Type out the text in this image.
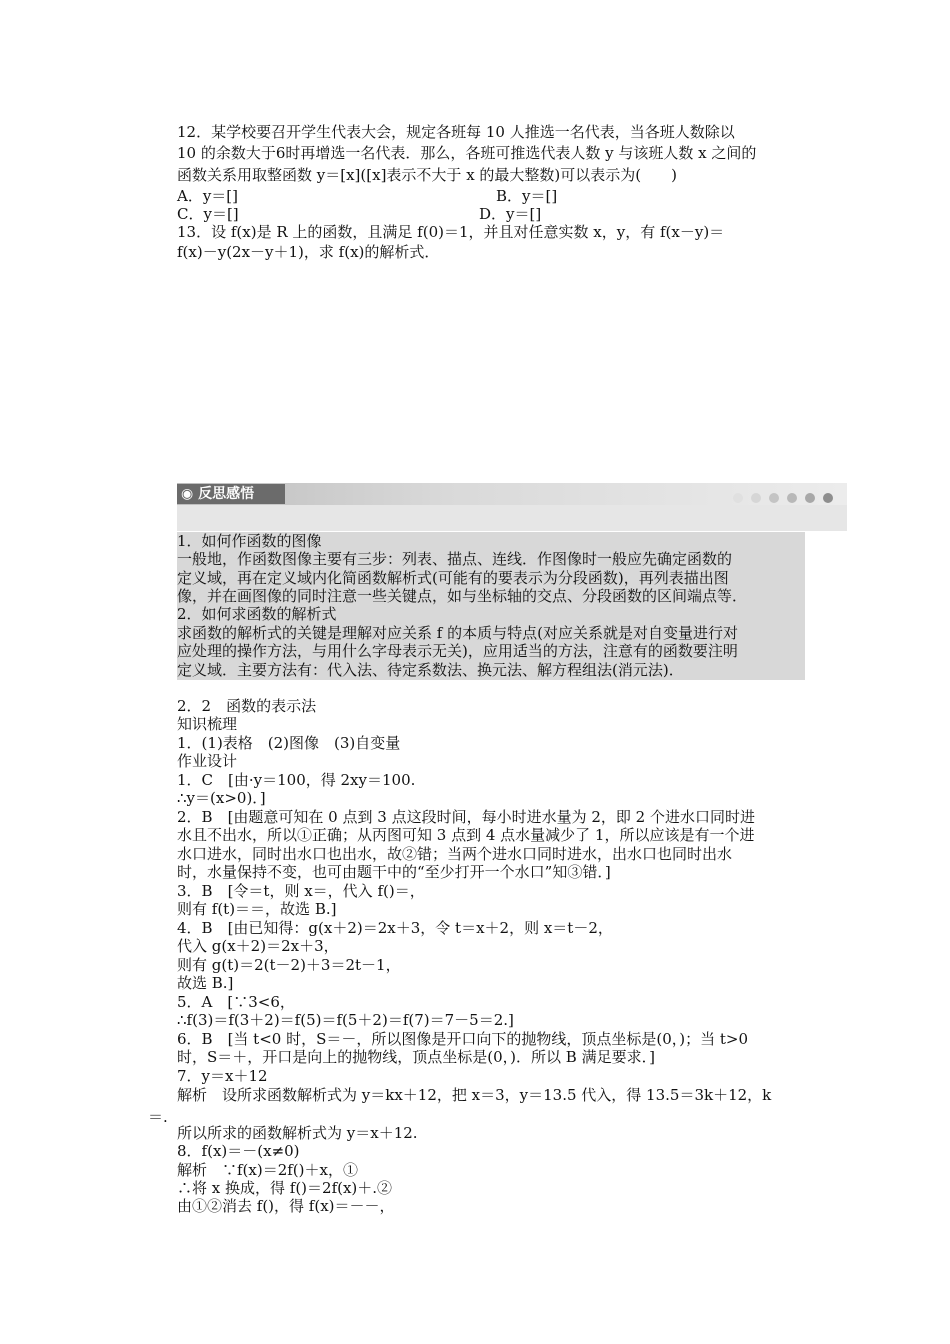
12．某学校要召开学生代表大会，规定各班每 10 人推选一名代表，当各班人数除以
10 的余数大于6时再增选一名代表．那么，各班可推选代表人数 y 与该班人数 x 之间的
函数关系用取整函数 y＝[x]([x]表示不大于 x 的最大整数)可以表示为(　　)
A．y＝[]	B．y＝[]
C．y＝[]	D．y＝[]
13．设 f(x)是 R 上的函数，且满足 f(0)＝1，并且对任意实数 x，y，有 f(x－y)＝
f(x)－y(2x－y＋1)，求 f(x)的解析式．
◉ 反思感悟
1．如何作函数的图像
一般地，作函数图像主要有三步：列表、描点、连线．作图像时一般应先确定函数的
定义域，再在定义域内化简函数解析式(可能有的要表示为分段函数)，再列表描出图
像，并在画图像的同时注意一些关键点，如与坐标轴的交点、分段函数的区间端点等．
2．如何求函数的解析式
求函数的解析式的关键是理解对应关系 f 的本质与特点(对应关系就是对自变量进行对
应处理的操作方法，与用什么字母表示无关)，应用适当的方法，注意有的函数要注明
定义域．主要方法有：代入法、待定系数法、换元法、解方程组法(消元法)．
2．2　函数的表示法
知识梳理
1．(1)表格　(2)图像　(3)自变量
作业设计
1．C　[由·y＝100，得 2xy＝100.
∴y＝(x>0)．]
2．B　[由题意可知在 0 点到 3 点这段时间，每小时进水量为 2，即 2 个进水口同时进
水且不出水，所以①正确；从丙图可知 3 点到 4 点水量减少了 1，所以应该是有一个进
水口进水，同时出水口也出水，故②错；当两个进水口同时进水，出水口也同时出水
时，水量保持不变，也可由题干中的“至少打开一个水口”知③错．]
3．B　[令＝t，则 x＝，代入 f()＝，
则有 f(t)＝＝，故选 B.]
4．B　[由已知得：g(x＋2)＝2x＋3，令 t＝x＋2，则 x＝t－2，
代入 g(x＋2)＝2x＋3，
则有 g(t)＝2(t－2)＋3＝2t－1，
故选 B.]
5．A　[∵3<6，
∴f(3)＝f(3＋2)＝f(5)＝f(5＋2)＝f(7)＝7－5＝2.]
6．B　[当 t<0 时，S＝－，所以图像是开口向下的抛物线，顶点坐标是(0，)；当 t>0
时，S＝＋，开口是向上的抛物线，顶点坐标是(0，)．所以 B 满足要求．]
7．y＝x＋12
解析　设所求函数解析式为 y＝kx＋12，把 x＝3，y＝13.5 代入，得 13.5＝3k＋12，k
所以所求的函数解析式为 y＝x＋12.
8．f(x)＝－(x≠0)
解析　∵f(x)＝2f()＋x，①
∴将 x 换成，得 f()＝2f(x)＋.②
由①②消去 f()，得 f(x)＝－－，
＝.
